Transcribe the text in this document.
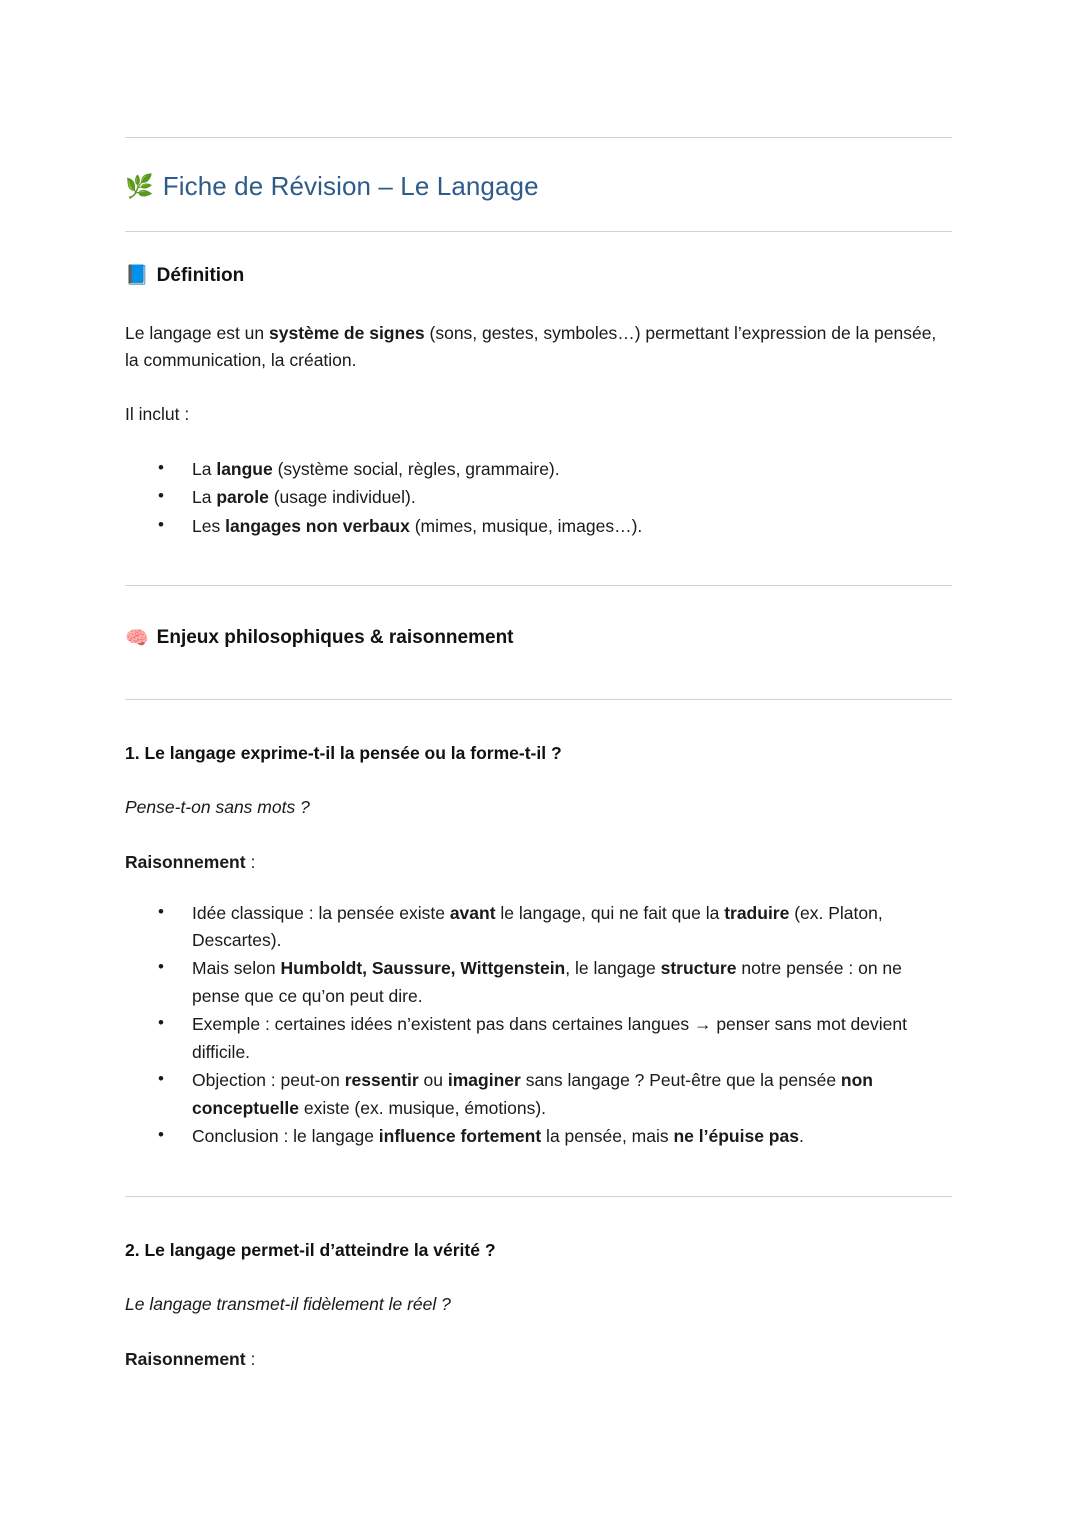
🌿 Fiche de Révision – Le Langage
📘 Définition

Le langage est un système de signes (sons, gestes, symboles…) permettant l’expression de la pensée, la communication, la création.

Il inclut :

• La langue (système social, règles, grammaire).
• La parole (usage individuel).
• Les langages non verbaux (mimes, musique, images…).
🧠 Enjeux philosophiques & raisonnement

1. Le langage exprime-t-il la pensée ou la forme-t-il ?

Pense-t-on sans mots ?

Raisonnement :

• Idée classique : la pensée existe avant le langage, qui ne fait que la traduire (ex. Platon, Descartes).
• Mais selon Humboldt, Saussure, Wittgenstein, le langage structure notre pensée : on ne pense que ce qu’on peut dire.
• Exemple : certaines idées n’existent pas dans certaines langues → penser sans mot devient difficile.
• Objection : peut-on ressentir ou imaginer sans langage ? Peut-être que la pensée non conceptuelle existe (ex. musique, émotions).
• Conclusion : le langage influence fortement la pensée, mais ne l’épuise pas.

2. Le langage permet-il d’atteindre la vérité ?

Le langage transmet-il fidèlement le réel ?

Raisonnement :
